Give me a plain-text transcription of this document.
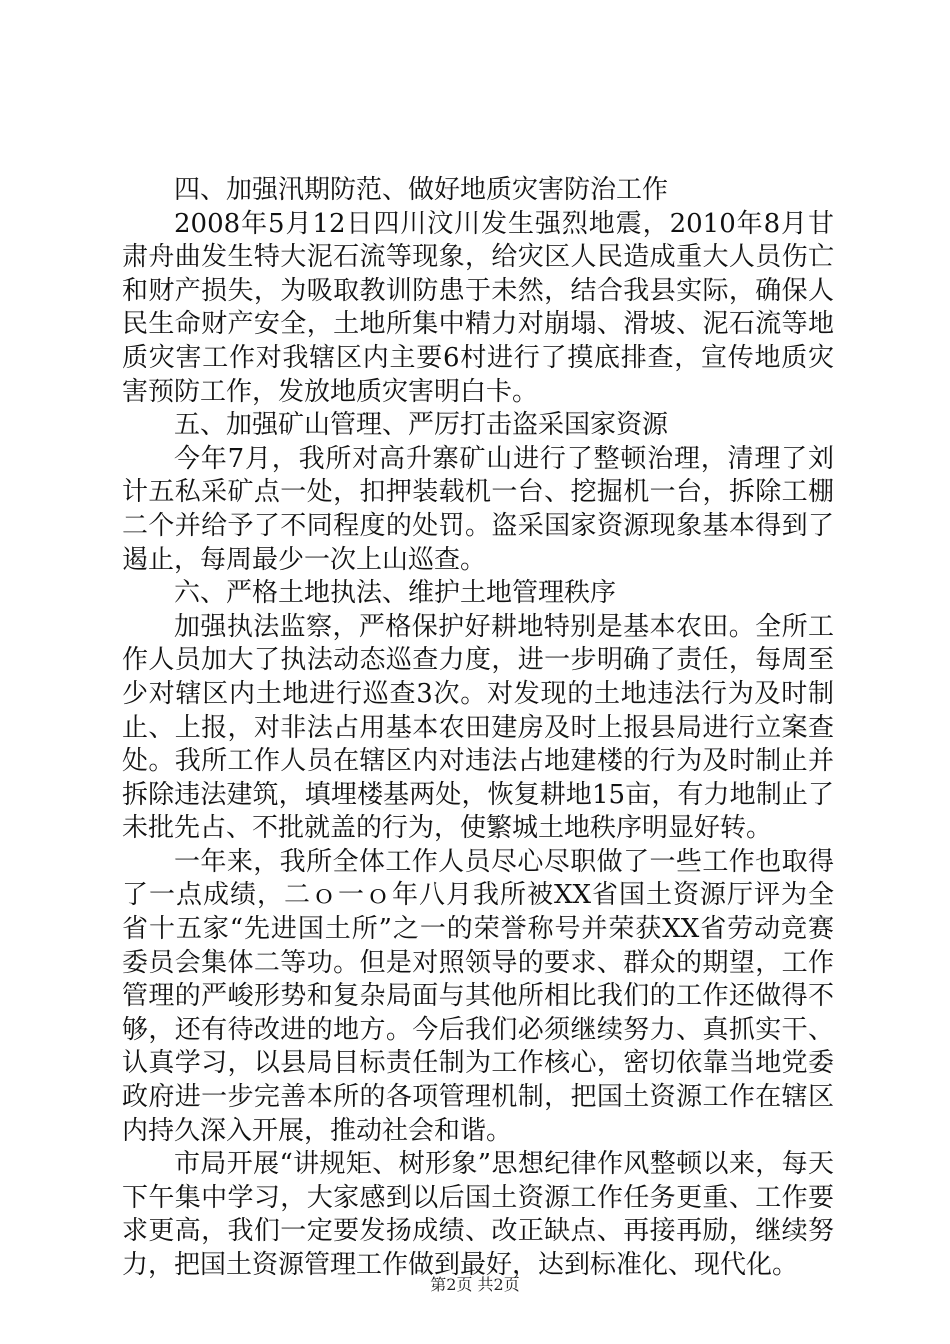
四、加强汛期防范、做好地质灾害防治工作

2008年5月12日四川汶川发生强烈地震，2010年8月甘肃舟曲发生特大泥石流等现象，给灾区人民造成重大人员伤亡和财产损失，为吸取教训防患于未然，结合我县实际，确保人民生命财产安全，土地所集中精力对崩塌、滑坡、泥石流等地质灾害工作对我辖区内主要6村进行了摸底排查，宣传地质灾害预防工作，发放地质灾害明白卡。

五、加强矿山管理、严厉打击盗采国家资源

今年7月，我所对高升寨矿山进行了整顿治理，清理了刘计五私采矿点一处，扣押装载机一台、挖掘机一台，拆除工棚二个并给予了不同程度的处罚。盗采国家资源现象基本得到了遏止，每周最少一次上山巡查。

六、严格土地执法、维护土地管理秩序

加强执法监察，严格保护好耕地特别是基本农田。全所工作人员加大了执法动态巡查力度，进一步明确了责任，每周至少对辖区内土地进行巡查3次。对发现的土地违法行为及时制止、上报，对非法占用基本农田建房及时上报县局进行立案查处。我所工作人员在辖区内对违法占地建楼的行为及时制止并拆除违法建筑，填埋楼基两处，恢复耕地15亩，有力地制止了未批先占、不批就盖的行为，使繁城土地秩序明显好转。

一年来，我所全体工作人员尽心尽职做了一些工作也取得了一点成绩，二ｏ一ｏ年八月我所被XX省国土资源厅评为全省十五家“先进国土所”之一的荣誉称号并荣获XX省劳动竞赛委员会集体二等功。但是对照领导的要求、群众的期望，工作管理的严峻形势和复杂局面与其他所相比我们的工作还做得不够，还有待改进的地方。今后我们必须继续努力、真抓实干、认真学习，以县局目标责任制为工作核心，密切依靠当地党委政府进一步完善本所的各项管理机制，把国土资源工作在辖区内持久深入开展，推动社会和谐。

市局开展“讲规矩、树形象”思想纪律作风整顿以来，每天下午集中学习，大家感到以后国土资源工作任务更重、工作要求更高，我们一定要发扬成绩、改正缺点、再接再励，继续努力，把国土资源管理工作做到最好，达到标准化、现代化。

第2页 共2页
